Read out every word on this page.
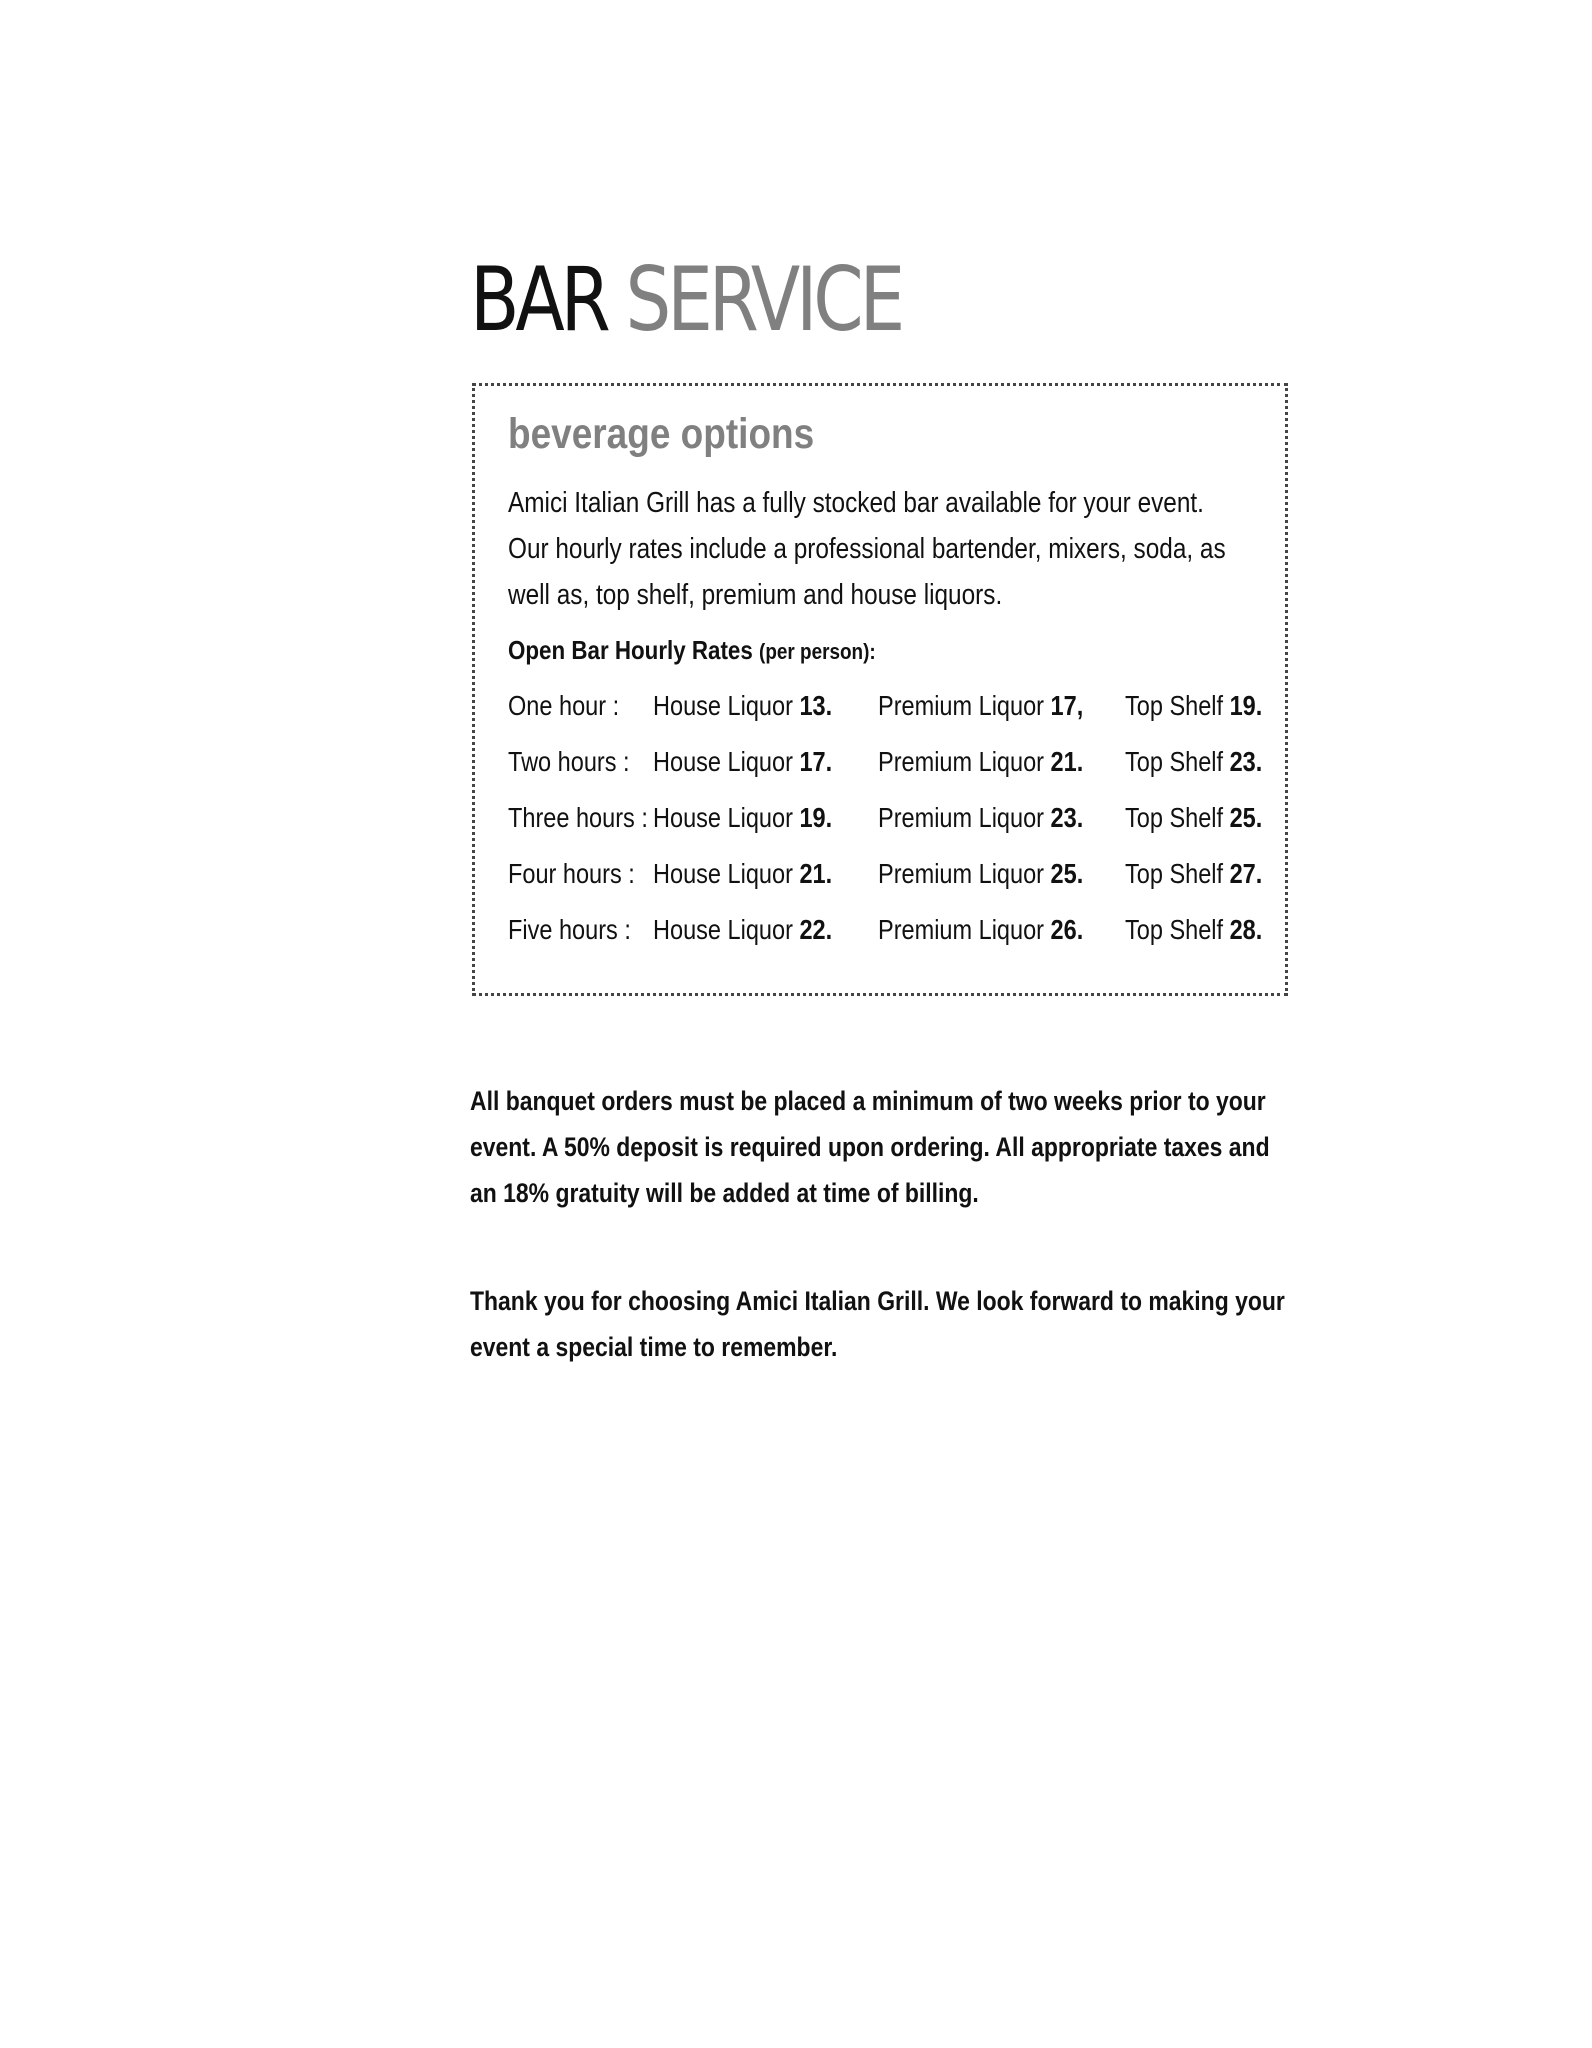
BAR SERVICE
beverage options

Amici Italian Grill has a fully stocked bar available for your event. Our hourly rates include a professional bartender, mixers, soda, as well as, top shelf, premium and house liquors.

Open Bar Hourly Rates (per person):
One hour : House Liquor 13. Premium Liquor 17, Top Shelf 19.
Two hours : House Liquor 17. Premium Liquor 21. Top Shelf 23.
Three hours : House Liquor 19. Premium Liquor 23. Top Shelf 25.
Four hours : House Liquor 21. Premium Liquor 25. Top Shelf 27.
Five hours : House Liquor 22. Premium Liquor 26. Top Shelf 28.

All banquet orders must be placed a minimum of two weeks prior to your event. A 50% deposit is required upon ordering. All appropriate taxes and an 18% gratuity will be added at time of billing.

Thank you for choosing Amici Italian Grill. We look forward to making your event a special time to remember.
